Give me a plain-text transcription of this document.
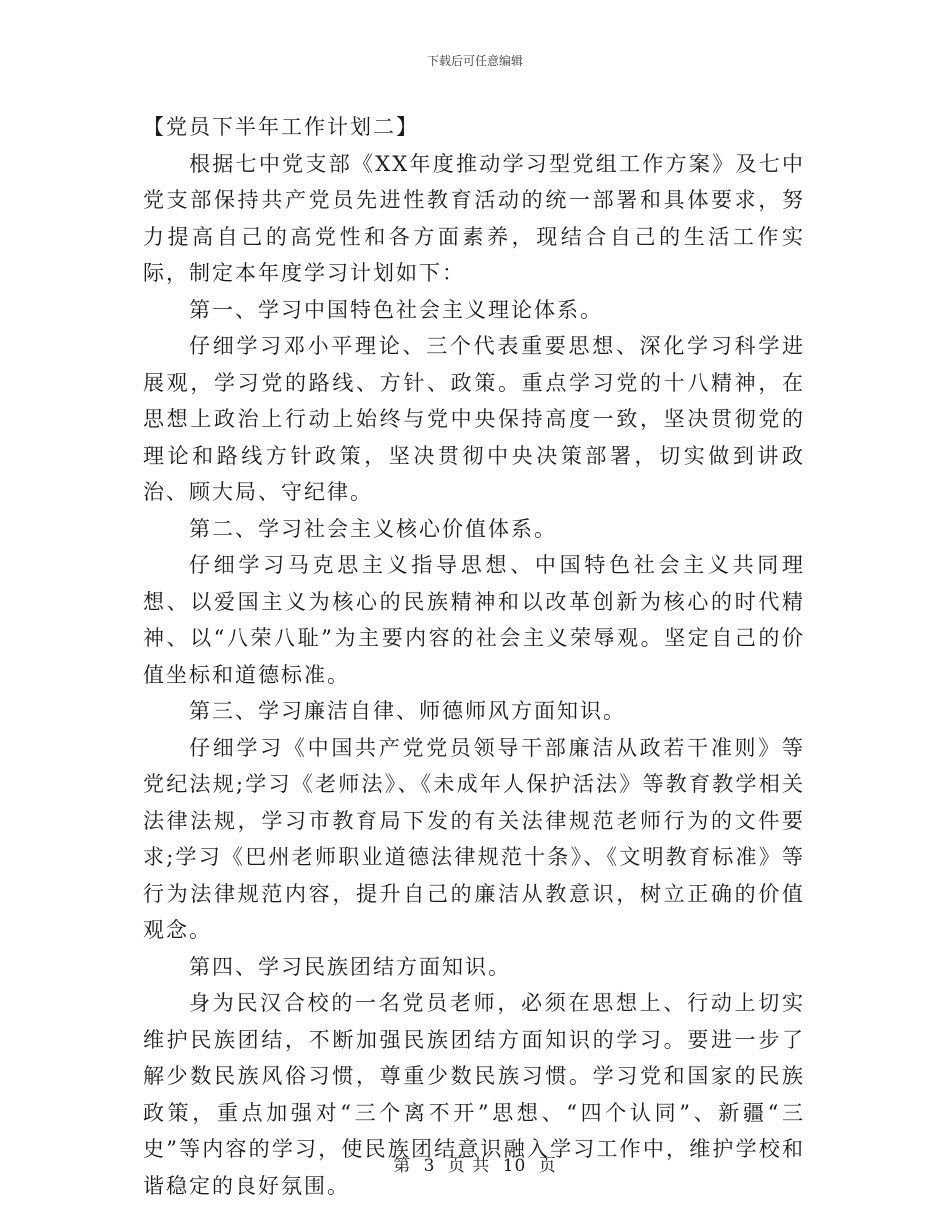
下载后可任意编辑

【党员下半年工作计划二】

根据七中党支部《XX年度推动学习型党组工作方案》及七中党支部保持共产党员先进性教育活动的统一部署和具体要求，努力提高自己的高党性和各方面素养，现结合自己的生活工作实际，制定本年度学习计划如下：

第一、学习中国特色社会主义理论体系。

仔细学习邓小平理论、三个代表重要思想、深化学习科学进展观，学习党的路线、方针、政策。重点学习党的十八精神，在思想上政治上行动上始终与党中央保持高度一致，坚决贯彻党的理论和路线方针政策，坚决贯彻中央决策部署，切实做到讲政治、顾大局、守纪律。

第二、学习社会主义核心价值体系。

仔细学习马克思主义指导思想、中国特色社会主义共同理想、以爱国主义为核心的民族精神和以改革创新为核心的时代精神、以“八荣八耻”为主要内容的社会主义荣辱观。坚定自己的价值坐标和道德标准。

第三、学习廉洁自律、师德师风方面知识。

仔细学习《中国共产党党员领导干部廉洁从政若干准则》等党纪法规;学习《老师法》、《未成年人保护活法》等教育教学相关法律法规，学习市教育局下发的有关法律规范老师行为的文件要求;学习《巴州老师职业道德法律规范十条》、《文明教育标准》等行为法律规范内容，提升自己的廉洁从教意识，树立正确的价值观念。

第四、学习民族团结方面知识。

身为民汉合校的一名党员老师，必须在思想上、行动上切实维护民族团结，不断加强民族团结方面知识的学习。要进一步了解少数民族风俗习惯，尊重少数民族习惯。学习党和国家的民族政策，重点加强对“三个离不开”思想、“四个认同”、新疆“三史”等内容的学习，使民族团结意识融入学习工作中，维护学校和谐稳定的良好氛围。

第 3 页 共 10 页
